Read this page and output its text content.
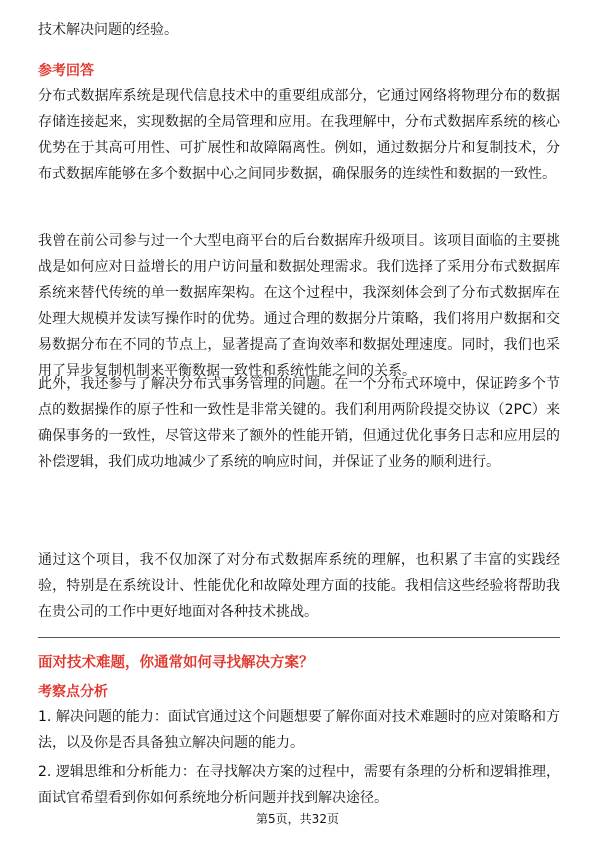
技术解决问题的经验。

参考回答

分布式数据库系统是现代信息技术中的重要组成部分，它通过网络将物理分布的数据存储连接起来，实现数据的全局管理和应用。在我理解中，分布式数据库系统的核心优势在于其高可用性、可扩展性和故障隔离性。例如，通过数据分片和复制技术，分布式数据库能够在多个数据中心之间同步数据，确保服务的连续性和数据的一致性。

我曾在前公司参与过一个大型电商平台的后台数据库升级项目。该项目面临的主要挑战是如何应对日益增长的用户访问量和数据处理需求。我们选择了采用分布式数据库系统来替代传统的单一数据库架构。在这个过程中，我深刻体会到了分布式数据库在处理大规模并发读写操作时的优势。通过合理的数据分片策略，我们将用户数据和交易数据分布在不同的节点上，显著提高了查询效率和数据处理速度。同时，我们也采用了异步复制机制来平衡数据一致性和系统性能之间的关系。

此外，我还参与了解决分布式事务管理的问题。在一个分布式环境中，保证跨多个节点的数据操作的原子性和一致性是非常关键的。我们利用两阶段提交协议（2PC）来确保事务的一致性，尽管这带来了额外的性能开销，但通过优化事务日志和应用层的补偿逻辑，我们成功地减少了系统的响应时间，并保证了业务的顺利进行。

通过这个项目，我不仅加深了对分布式数据库系统的理解，也积累了丰富的实践经验，特别是在系统设计、性能优化和故障处理方面的技能。我相信这些经验将帮助我在贵公司的工作中更好地面对各种技术挑战。

面对技术难题，你通常如何寻找解决方案？

考察点分析

1. 解决问题的能力：面试官通过这个问题想要了解你面对技术难题时的应对策略和方法，以及你是否具备独立解决问题的能力。

2. 逻辑思维和分析能力：在寻找解决方案的过程中，需要有条理的分析和逻辑推理，面试官希望看到你如何系统地分析问题并找到解决途径。

第5页，共32页
